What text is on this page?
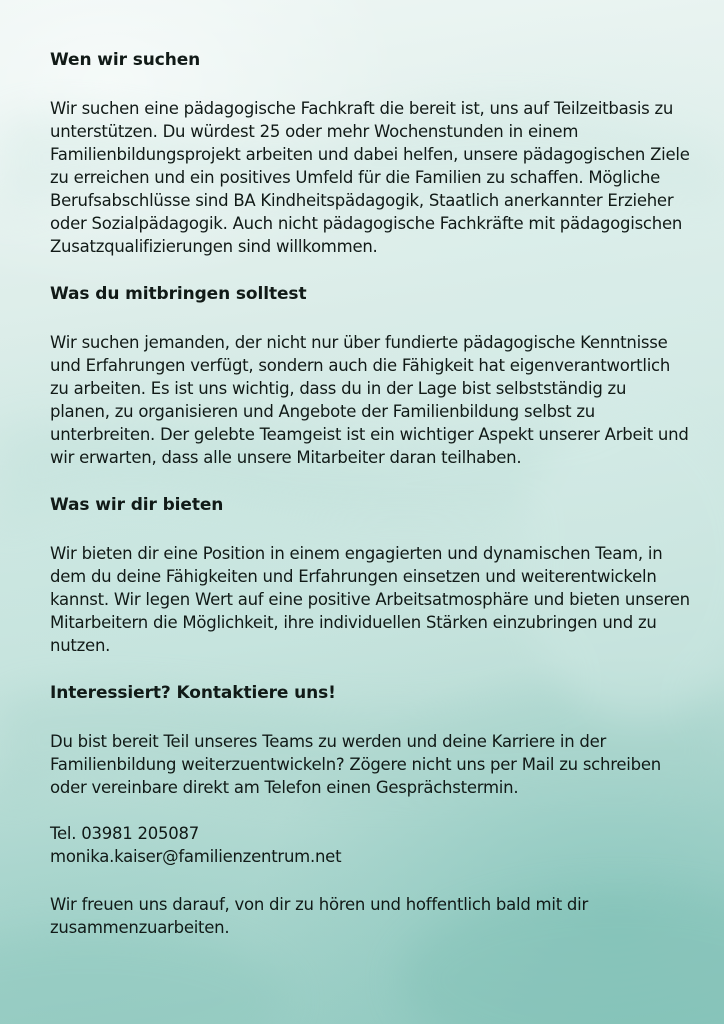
Wen wir suchen

Wir suchen eine pädagogische Fachkraft die bereit ist, uns auf Teilzeitbasis zu unterstützen. Du würdest 25 oder mehr Wochenstunden in einem Familienbildungsprojekt arbeiten und dabei helfen, unsere pädagogischen Ziele zu erreichen und ein positives Umfeld für die Familien zu schaffen. Mögliche Berufsabschlüsse sind BA Kindheitspädagogik, Staatlich anerkannter Erzieher oder Sozialpädagogik. Auch nicht pädagogische Fachkräfte mit pädagogischen Zusatzqualifizierungen sind willkommen.

Was du mitbringen solltest

Wir suchen jemanden, der nicht nur über fundierte pädagogische Kenntnisse und Erfahrungen verfügt, sondern auch die Fähigkeit hat eigenverantwortlich zu arbeiten. Es ist uns wichtig, dass du in der Lage bist selbstständig zu planen, zu organisieren und Angebote der Familienbildung selbst zu unterbreiten. Der gelebte Teamgeist ist ein wichtiger Aspekt unserer Arbeit und wir erwarten, dass alle unsere Mitarbeiter daran teilhaben.

Was wir dir bieten

Wir bieten dir eine Position in einem engagierten und dynamischen Team, in dem du deine Fähigkeiten und Erfahrungen einsetzen und weiterentwickeln kannst. Wir legen Wert auf eine positive Arbeitsatmosphäre und bieten unseren Mitarbeitern die Möglichkeit, ihre individuellen Stärken einzubringen und zu nutzen.

Interessiert? Kontaktiere uns!

Du bist bereit Teil unseres Teams zu werden und deine Karriere in der Familienbildung weiterzuentwickeln? Zögere nicht uns per Mail zu schreiben oder vereinbare direkt am Telefon einen Gesprächstermin.

Tel. 03981 205087

monika.kaiser@familienzentrum.net

Wir freuen uns darauf, von dir zu hören und hoffentlich bald mit dir zusammenzuarbeiten.
